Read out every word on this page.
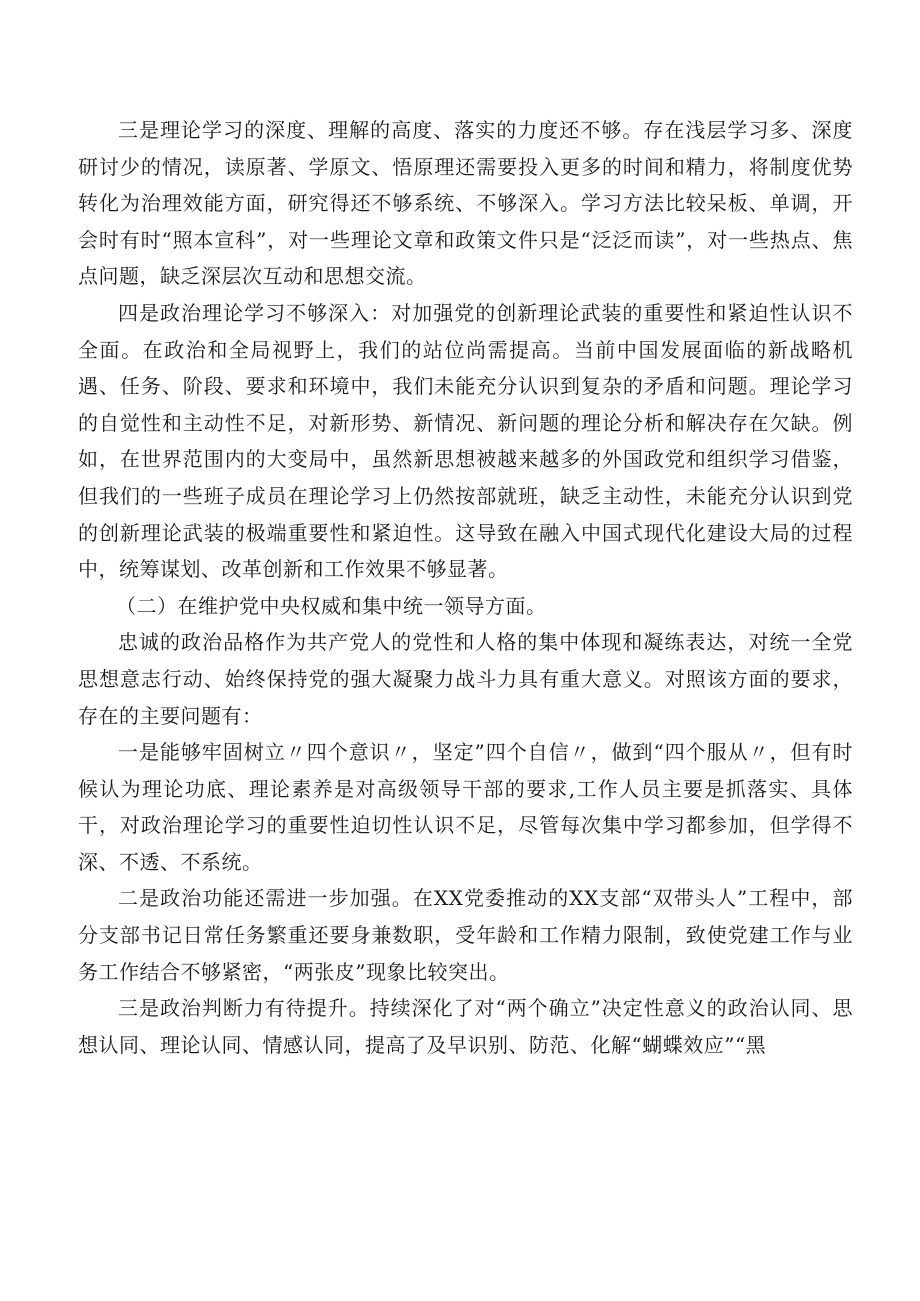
三是理论学习的深度、理解的高度、落实的力度还不够。存在浅层学习多、深度研讨少的情况，读原著、学原文、悟原理还需要投入更多的时间和精力，将制度优势转化为治理效能方面，研究得还不够系统、不够深入。学习方法比较呆板、单调，开会时有时“照本宣科”，对一些理论文章和政策文件只是“泛泛而读”，对一些热点、焦点问题，缺乏深层次互动和思想交流。

四是政治理论学习不够深入：对加强党的创新理论武装的重要性和紧迫性认识不全面。在政治和全局视野上，我们的站位尚需提高。当前中国发展面临的新战略机遇、任务、阶段、要求和环境中，我们未能充分认识到复杂的矛盾和问题。理论学习的自觉性和主动性不足，对新形势、新情况、新问题的理论分析和解决存在欠缺。例如，在世界范围内的大变局中，虽然新思想被越来越多的外国政党和组织学习借鉴，但我们的一些班子成员在理论学习上仍然按部就班，缺乏主动性，未能充分认识到党的创新理论武装的极端重要性和紧迫性。这导致在融入中国式现代化建设大局的过程中，统筹谋划、改革创新和工作效果不够显著。

（二）在维护党中央权威和集中统一领导方面。

忠诚的政治品格作为共产党人的党性和人格的集中体现和凝练表达，对统一全党思想意志行动、始终保持党的强大凝聚力战斗力具有重大意义。对照该方面的要求，存在的主要问题有：

一是能够牢固树立〃四个意识〃，坚定”四个自信〃，做到“四个服从〃，但有时候认为理论功底、理论素养是对高级领导干部的要求,工作人员主要是抓落实、具体干，对政治理论学习的重要性迫切性认识不足，尽管每次集中学习都参加，但学得不深、不透、不系统。

二是政治功能还需进一步加强。在XX党委推动的XX支部“双带头人”工程中，部分支部书记日常任务繁重还要身兼数职，受年龄和工作精力限制，致使党建工作与业务工作结合不够紧密，“两张皮”现象比较突出。

三是政治判断力有待提升。持续深化了对“两个确立”决定性意义的政治认同、思想认同、理论认同、情感认同，提高了及早识别、防范、化解“蝴蝶效应”“黑
